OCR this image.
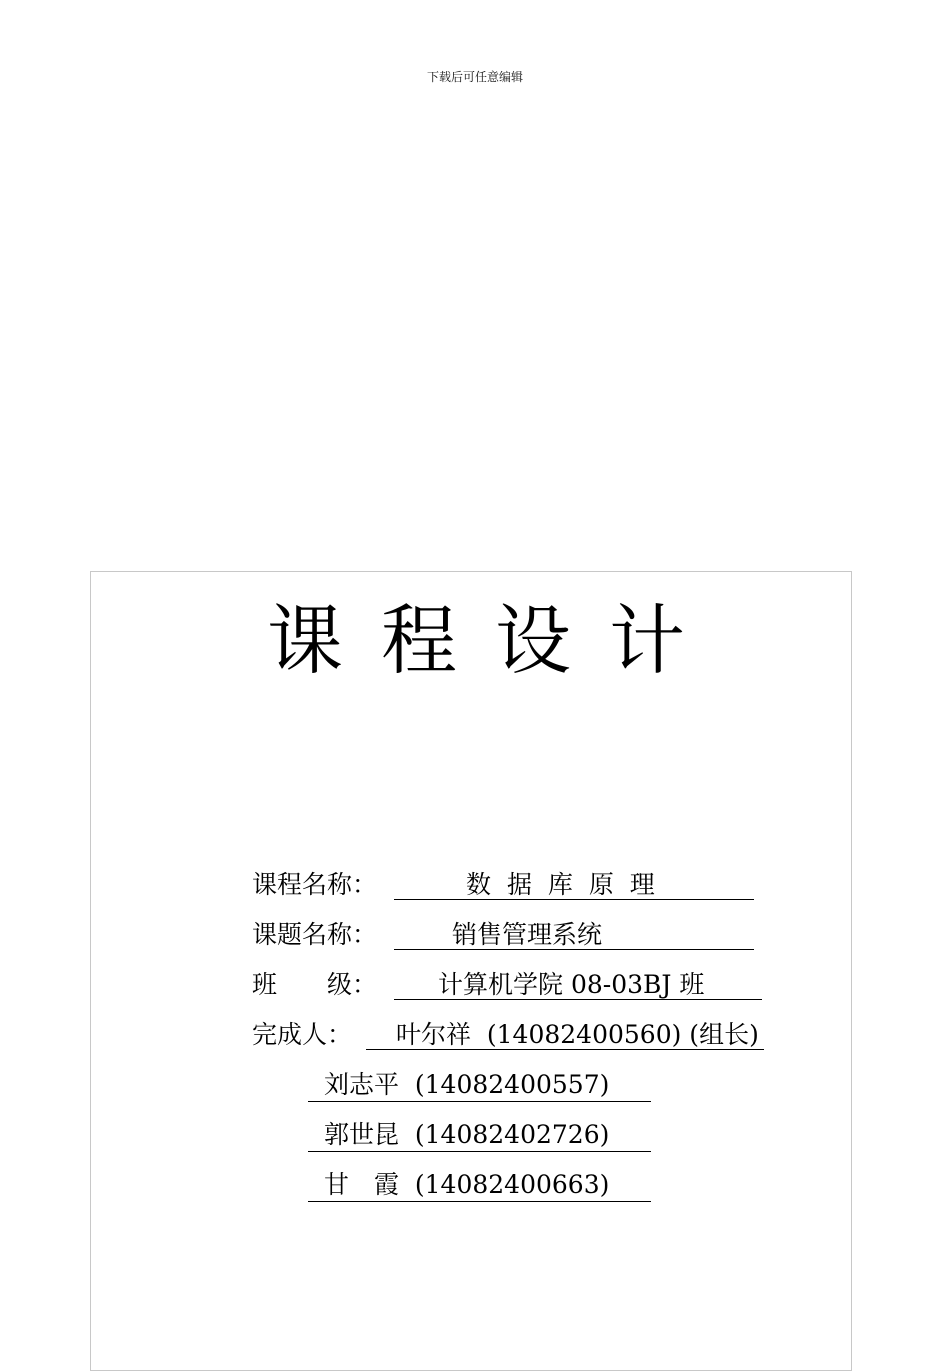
下载后可任意编辑
课程设计
课程名称：	数 据 库 原 理
课题名称：	销售管理系统
班　　级：	计算机学院 08-03BJ 班
完成人：	叶尔祥  (14082400560) (组长)
刘志平  (14082400557)
郭世昆  (14082402726)
甘　霞  (14082400663)
